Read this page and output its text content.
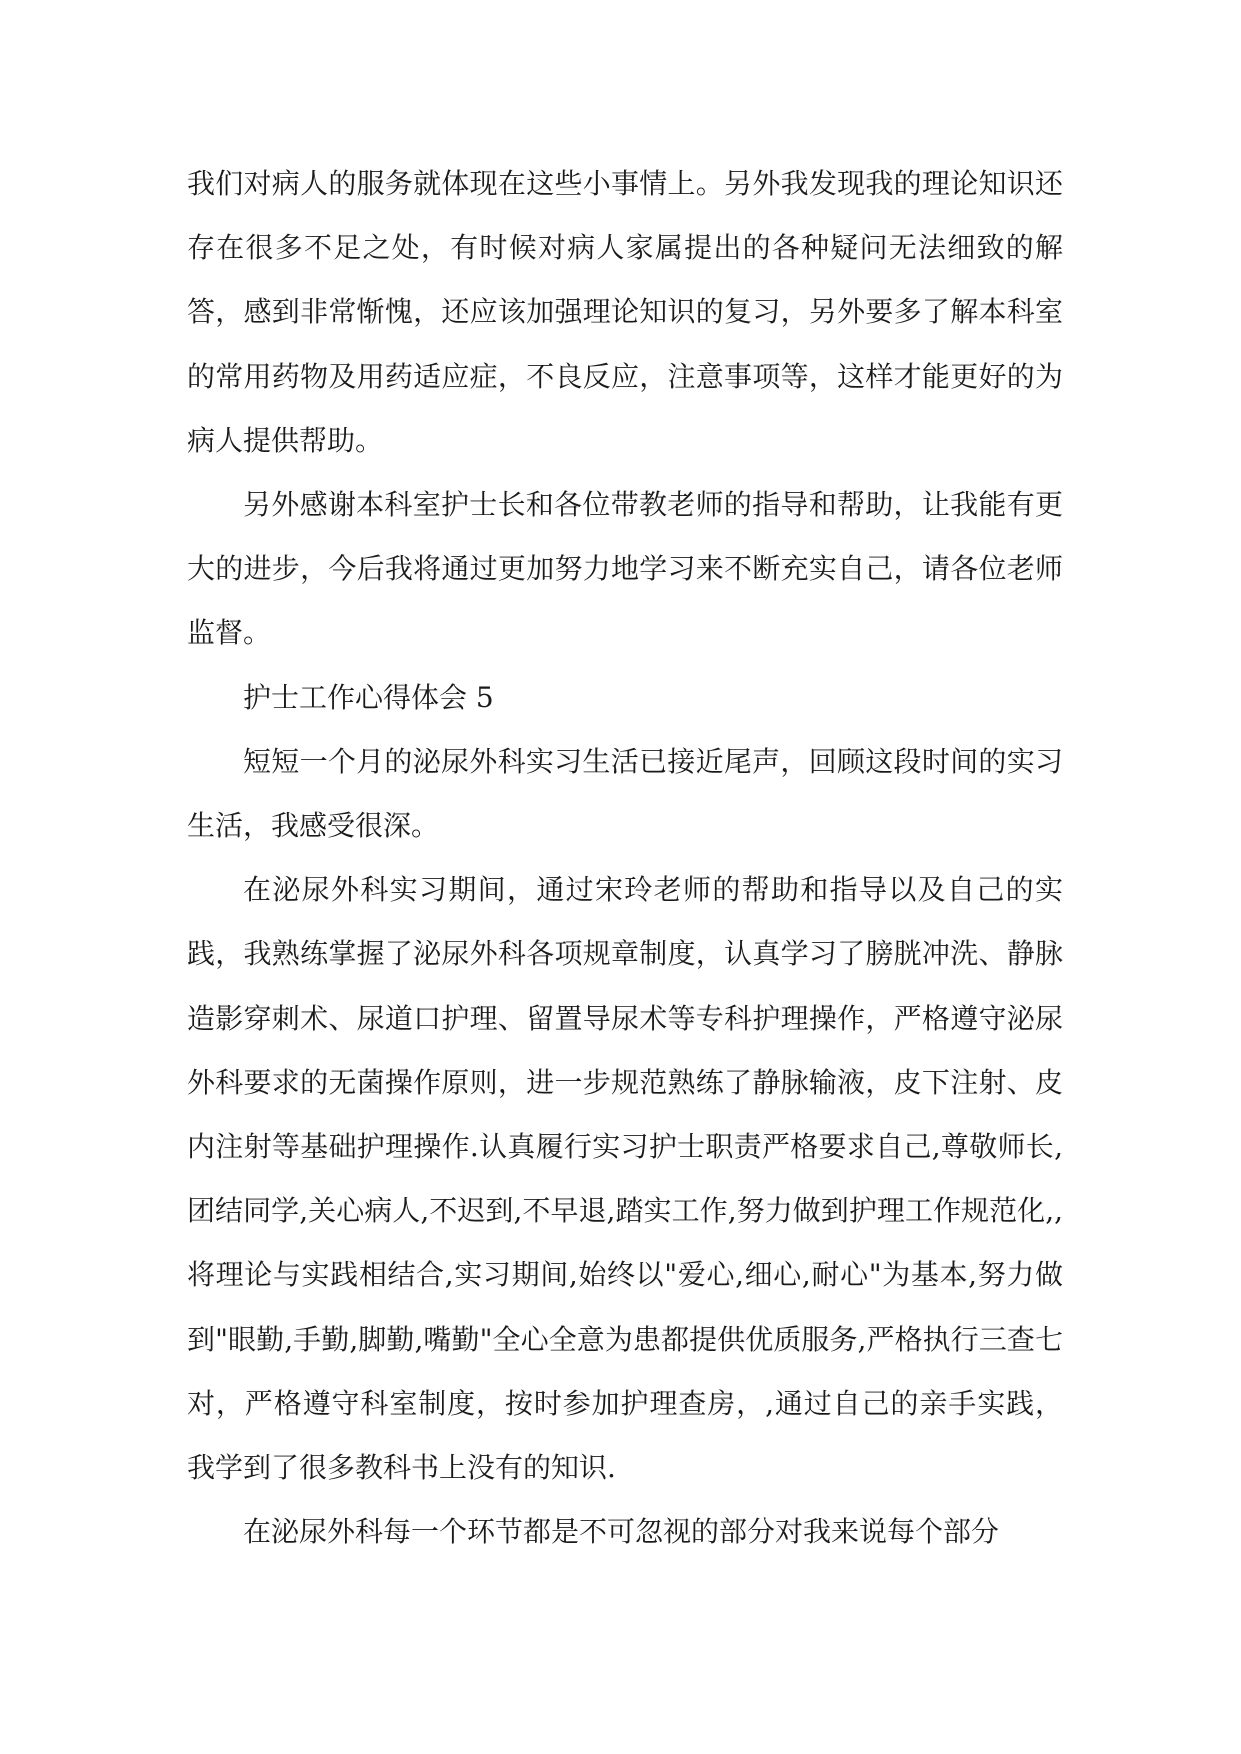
我们对病人的服务就体现在这些小事情上。另外我发现我的理论知识还存在很多不足之处，有时候对病人家属提出的各种疑问无法细致的解答，感到非常惭愧，还应该加强理论知识的复习，另外要多了解本科室的常用药物及用药适应症，不良反应，注意事项等，这样才能更好的为病人提供帮助。

另外感谢本科室护士长和各位带教老师的指导和帮助，让我能有更大的进步，今后我将通过更加努力地学习来不断充实自己，请各位老师监督。

护士工作心得体会 5

短短一个月的泌尿外科实习生活已接近尾声，回顾这段时间的实习生活，我感受很深。

在泌尿外科实习期间，通过宋玲老师的帮助和指导以及自己的实践，我熟练掌握了泌尿外科各项规章制度，认真学习了膀胱冲洗、静脉造影穿刺术、尿道口护理、留置导尿术等专科护理操作，严格遵守泌尿外科要求的无菌操作原则，进一步规范熟练了静脉输液，皮下注射、皮内注射等基础护理操作.认真履行实习护士职责严格要求自己,尊敬师长,团结同学,关心病人,不迟到,不早退,踏实工作,努力做到护理工作规范化,,将理论与实践相结合,实习期间,始终以"爱心,细心,耐心"为基本,努力做到"眼勤,手勤,脚勤,嘴勤"全心全意为患都提供优质服务,严格执行三查七对，严格遵守科室制度，按时参加护理查房，,通过自己的亲手实践，我学到了很多教科书上没有的知识.

在泌尿外科每一个环节都是不可忽视的部分对我来说每个部分
